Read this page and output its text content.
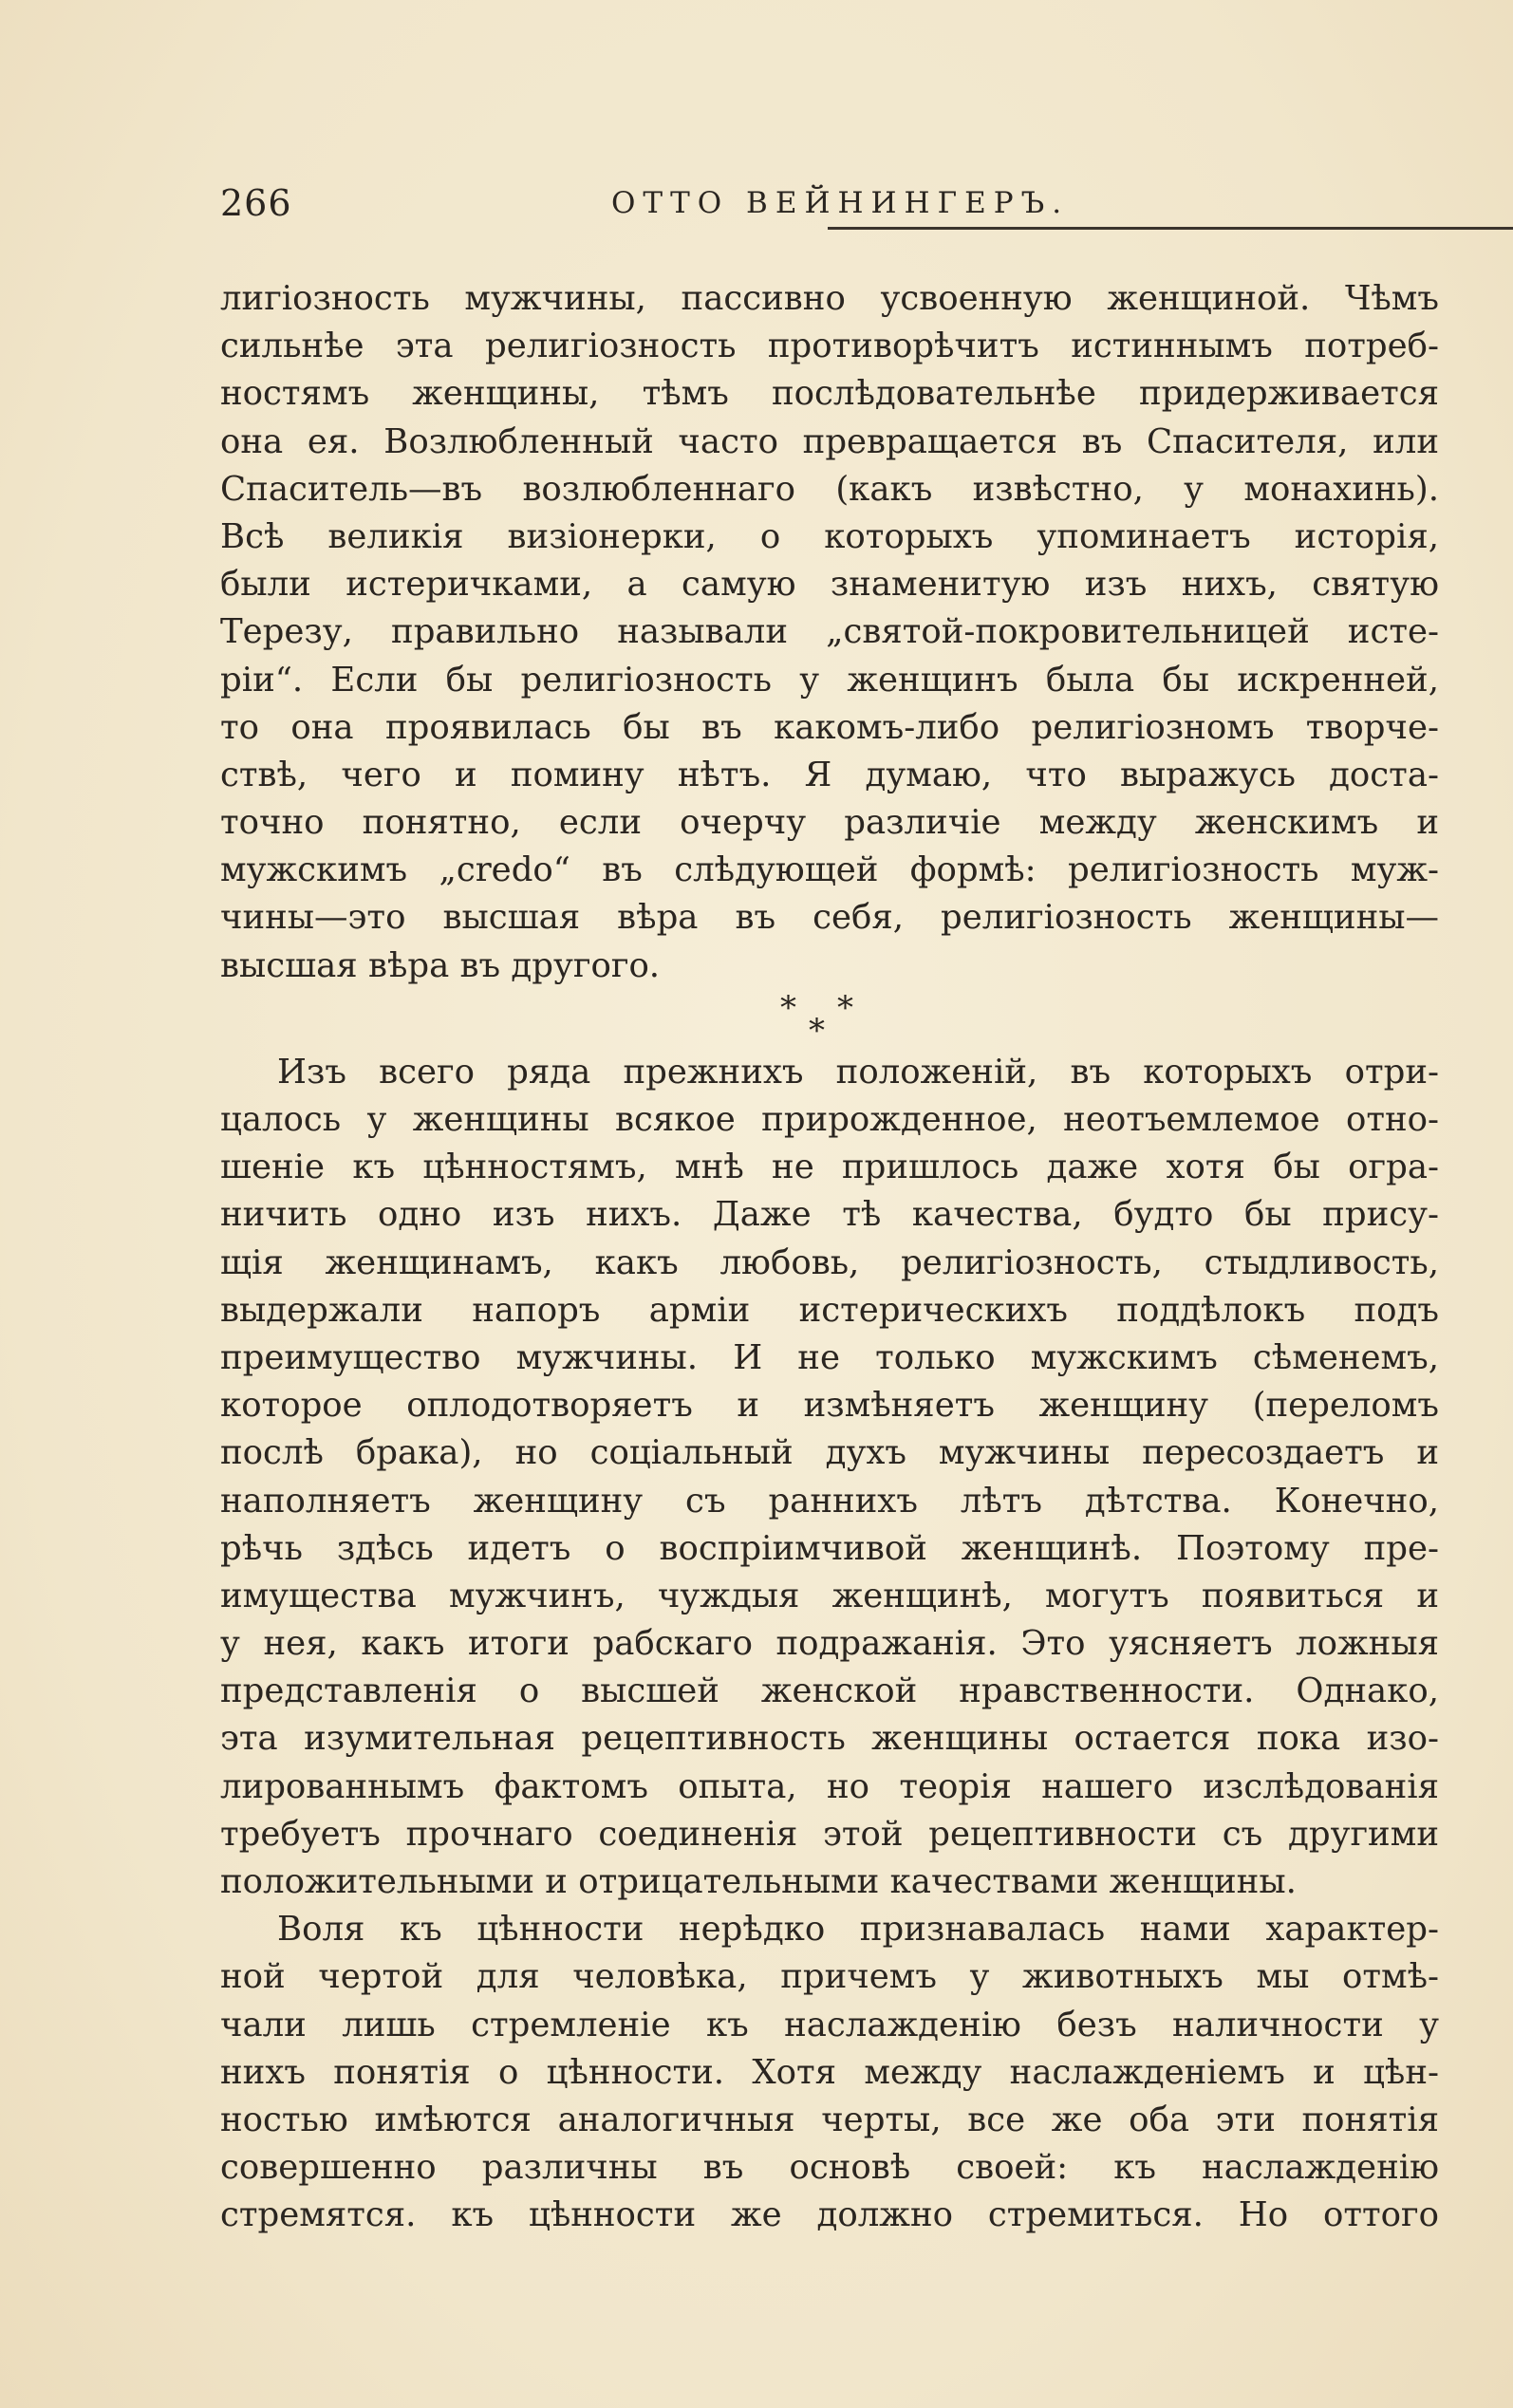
266	ОТТО ВЕЙНИНГЕРЪ.
лигіозность мужчины, пассивно усвоенную женщиной. Чѣмъ
сильнѣе эта религіозность противорѣчитъ истиннымъ потреб-
ностямъ женщины, тѣмъ послѣдовательнѣе придерживается
она ея. Возлюбленный часто превращается въ Спасителя, или
Спаситель—въ возлюбленнаго (какъ извѣстно, у монахинь).
Всѣ великія визіонерки, о которыхъ упоминаетъ исторія,
были истеричками, а самую знаменитую изъ нихъ, святую
Терезу, правильно называли „святой-покровительницей исте-
ріи“. Если бы религіозность у женщинъ была бы искренней,
то она проявилась бы въ какомъ-либо религіозномъ творче-
ствѣ, чего и помину нѣтъ. Я думаю, что выражусь доста-
точно понятно, если очерчу различіе между женскимъ и
мужскимъ „credo“ въ слѣдующей формѣ: религіозность муж-
чины—это высшая вѣра въ себя, религіозность женщины—
высшая вѣра въ другого.
* *
*
Изъ всего ряда прежнихъ положеній, въ которыхъ отри-
цалось у женщины всякое прирожденное, неотъемлемое отно-
шеніе къ цѣнностямъ, мнѣ не пришлось даже хотя бы огра-
ничить одно изъ нихъ. Даже тѣ качества, будто бы прису-
щія женщинамъ, какъ любовь, религіозность, стыдливость,
выдержали напоръ арміи истерическихъ поддѣлокъ подъ
преимущество мужчины. И не только мужскимъ сѣменемъ,
которое оплодотворяетъ и измѣняетъ женщину (переломъ
послѣ брака), но соціальный духъ мужчины пересоздаетъ и
наполняетъ женщину съ раннихъ лѣтъ дѣтства. Конечно,
рѣчь здѣсь идетъ о воспріимчивой женщинѣ. Поэтому пре-
имущества мужчинъ, чуждыя женщинѣ, могутъ появиться и
у нея, какъ итоги рабскаго подражанія. Это уясняетъ ложныя
представленія о высшей женской нравственности. Однако,
эта изумительная рецептивность женщины остается пока изо-
лированнымъ фактомъ опыта, но теорія нашего изслѣдованія
требуетъ прочнаго соединенія этой рецептивности съ другими
положительными и отрицательными качествами женщины.
Воля къ цѣнности нерѣдко признавалась нами характер-
ной чертой для человѣка, причемъ у животныхъ мы отмѣ-
чали лишь стремленіе къ наслажденію безъ наличности у
нихъ понятія о цѣнности. Хотя между наслажденіемъ и цѣн-
ностью имѣются аналогичныя черты, все же оба эти понятія
совершенно различны въ основѣ своей: къ наслажденію
стремятся. къ цѣнности же должно стремиться. Но оттого
